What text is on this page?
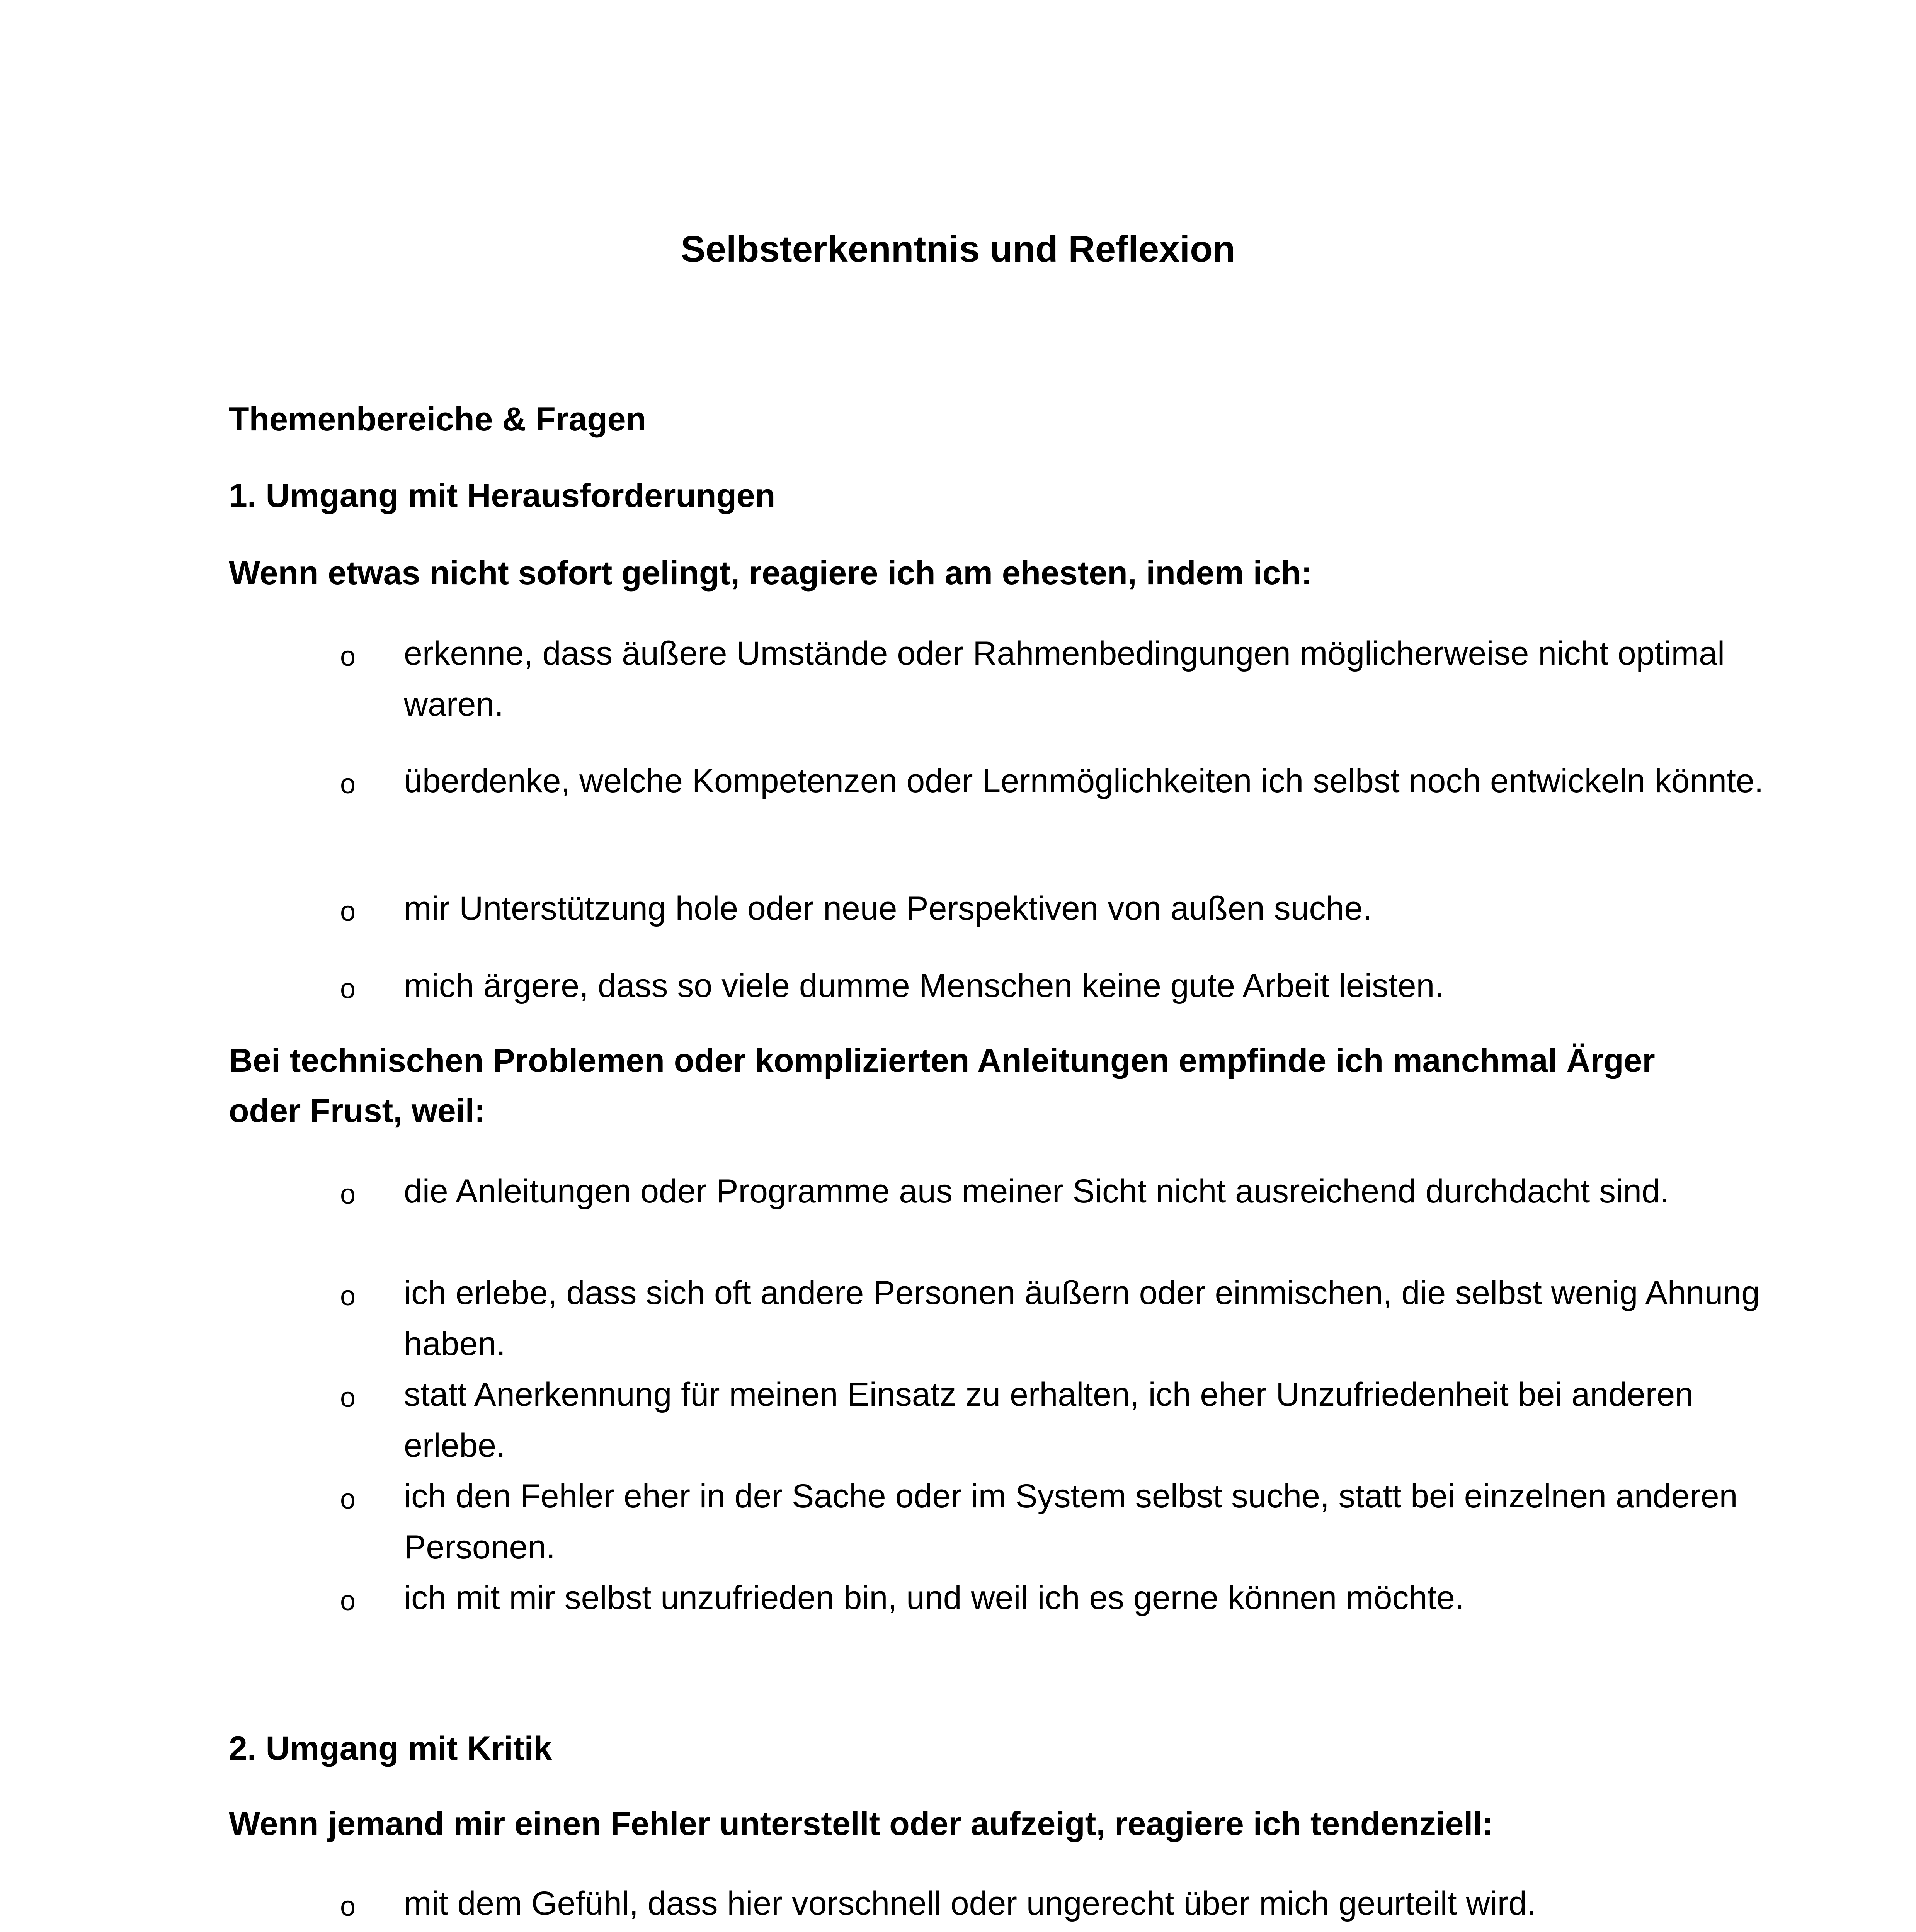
Selbsterkenntnis und Reflexion
Themenbereiche & Fragen
1. Umgang mit Herausforderungen
Wenn etwas nicht sofort gelingt, reagiere ich am ehesten, indem ich:
o erkenne, dass äußere Umstände oder Rahmenbedingungen möglicherweise nicht optimal waren.
o überdenke, welche Kompetenzen oder Lernmöglichkeiten ich selbst noch entwickeln könnte.
o mir Unterstützung hole oder neue Perspektiven von außen suche.
o mich ärgere, dass so viele dumme Menschen keine gute Arbeit leisten.
Bei technischen Problemen oder komplizierten Anleitungen empfinde ich manchmal Ärger oder Frust, weil:
o die Anleitungen oder Programme aus meiner Sicht nicht ausreichend durchdacht sind.
o ich erlebe, dass sich oft andere Personen äußern oder einmischen, die selbst wenig Ahnung haben.
o statt Anerkennung für meinen Einsatz zu erhalten, ich eher Unzufriedenheit bei anderen erlebe.
o ich den Fehler eher in der Sache oder im System selbst suche, statt bei einzelnen anderen Personen.
o ich mit mir selbst unzufrieden bin, und weil ich es gerne können möchte.
2. Umgang mit Kritik
Wenn jemand mir einen Fehler unterstellt oder aufzeigt, reagiere ich tendenziell:
o mit dem Gefühl, dass hier vorschnell oder ungerecht über mich geurteilt wird.
